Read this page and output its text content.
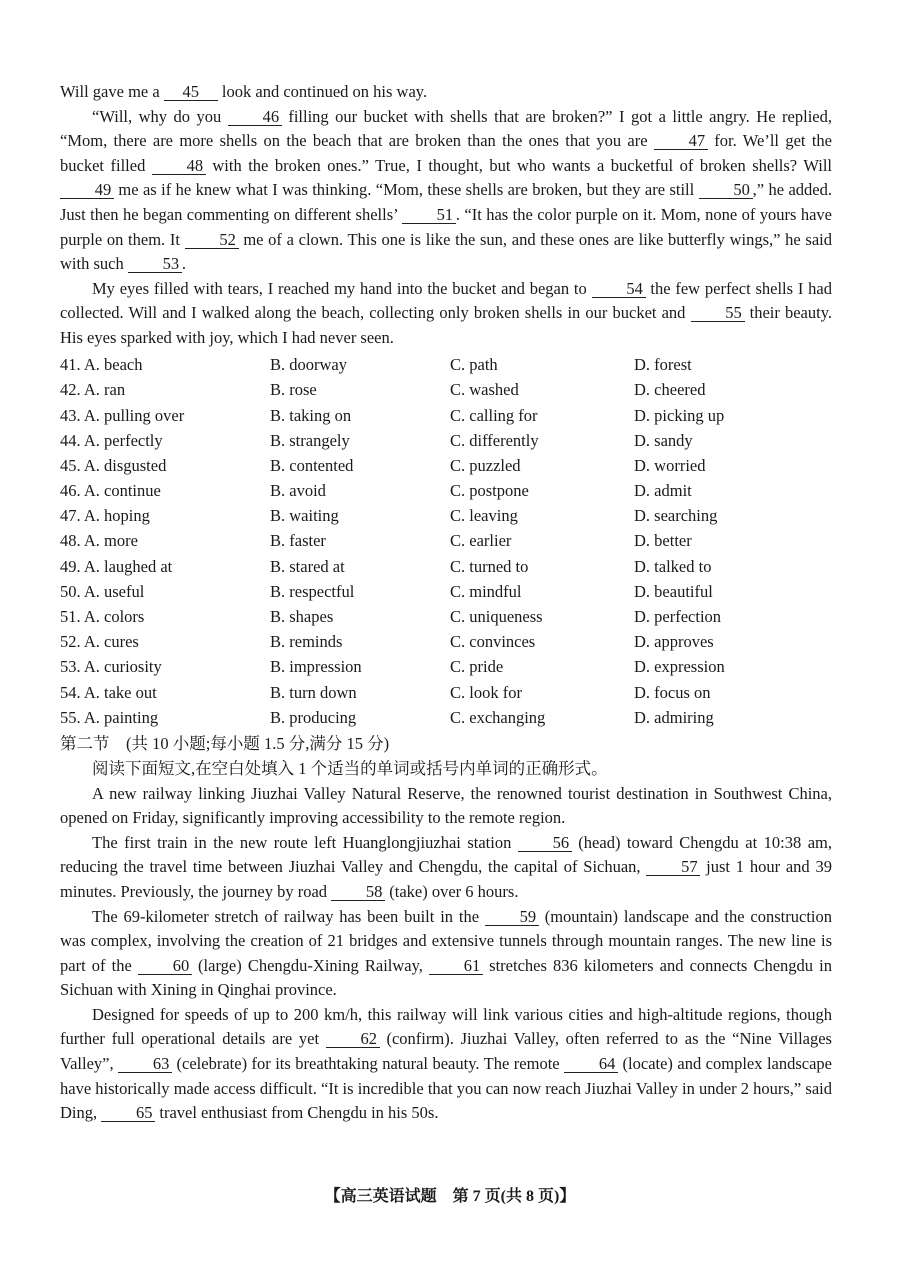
Will gave me a 45 look and continued on his way.

“Will, why do you 46 filling our bucket with shells that are broken?” I got a little angry. He replied, “Mom, there are more shells on the beach that are broken than the ones that you are 47 for. We’ll get the bucket filled 48 with the broken ones.” True, I thought, but who wants a bucketful of broken shells? Will 49 me as if he knew what I was thinking. “Mom, these shells are broken, but they are still 50 ,” he added. Just then he began commenting on different shells’ 51 . “It has the color purple on it. Mom, none of yours have purple on them. It 52 me of a clown. This one is like the sun, and these ones are like butterfly wings,” he said with such 53 .

My eyes filled with tears, I reached my hand into the bucket and began to 54 the few perfect shells I had collected. Will and I walked along the beach, collecting only broken shells in our bucket and 55 their beauty. His eyes sparked with joy, which I had never seen.

41. A. beach	B. doorway	C. path	D. forest
42. A. ran	B. rose	C. washed	D. cheered
43. A. pulling over	B. taking on	C. calling for	D. picking up
44. A. perfectly	B. strangely	C. differently	D. sandy
45. A. disgusted	B. contented	C. puzzled	D. worried
46. A. continue	B. avoid	C. postpone	D. admit
47. A. hoping	B. waiting	C. leaving	D. searching
48. A. more	B. faster	C. earlier	D. better
49. A. laughed at	B. stared at	C. turned to	D. talked to
50. A. useful	B. respectful	C. mindful	D. beautiful
51. A. colors	B. shapes	C. uniqueness	D. perfection
52. A. cures	B. reminds	C. convinces	D. approves
53. A. curiosity	B. impression	C. pride	D. expression
54. A. take out	B. turn down	C. look for	D. focus on
55. A. painting	B. producing	C. exchanging	D. admiring

第二节　(共 10 小题;每小题 1.5 分,满分 15 分)

阅读下面短文,在空白处填入 1 个适当的单词或括号内单词的正确形式。

A new railway linking Jiuzhai Valley Natural Reserve, the renowned tourist destination in Southwest China, opened on Friday, significantly improving accessibility to the remote region.

The first train in the new route left Huanglongjiuzhai station 56 (head) toward Chengdu at 10:38 am, reducing the travel time between Jiuzhai Valley and Chengdu, the capital of Sichuan, 57 just 1 hour and 39 minutes. Previously, the journey by road 58 (take) over 6 hours.

The 69-kilometer stretch of railway has been built in the 59 (mountain) landscape and the construction was complex, involving the creation of 21 bridges and extensive tunnels through mountain ranges. The new line is part of the 60 (large) Chengdu-Xining Railway, 61 stretches 836 kilometers and connects Chengdu in Sichuan with Xining in Qinghai province.

Designed for speeds of up to 200 km/h, this railway will link various cities and high-altitude regions, though further full operational details are yet 62 (confirm). Jiuzhai Valley, often referred to as the “Nine Villages Valley”, 63 (celebrate) for its breathtaking natural beauty. The remote 64 (locate) and complex landscape have historically made access difficult. “It is incredible that you can now reach Jiuzhai Valley in under 2 hours,” said Ding, 65 travel enthusiast from Chengdu in his 50s.

【高三英语试题　第 7 页(共 8 页)】
